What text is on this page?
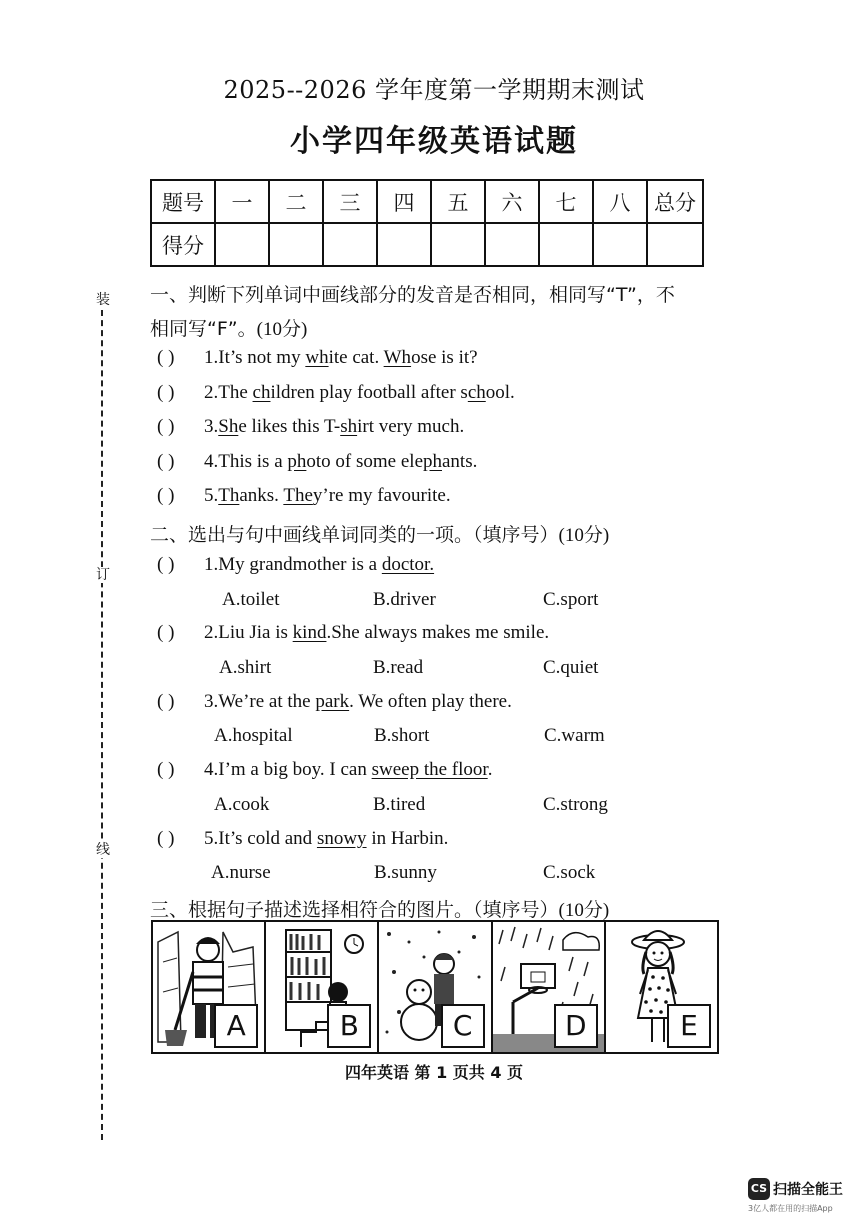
2025--2026 学年度第一学期期末测试
小学四年级英语试题
题号	一	二	三	四	五	六	七	八	总分
得分									
装
订
线
一、判断下列单词中画线部分的发音是否相同，相同写“T”，不
相同写“F”。(10分)
( ) 1.It’s not my white cat. Whose is it?
( ) 2.The children play football after school.
( ) 3.She likes this T-shirt very much.
( ) 4.This is a photo of some elephants.
( ) 5.Thanks. They’re my favourite.
二、选出与句中画线单词同类的一项。（填序号）(10分)
( ) 1.My grandmother is a doctor.
A.toilet	B.driver	C.sport
( ) 2.Liu Jia is kind.She always makes me smile.
A.shirt	B.read	C.quiet
( ) 3.We’re at the park. We often play there.
A.hospital	B.short	C.warm
( ) 4.I’m a big boy. I can sweep the floor.
A.cook	B.tired	C.strong
( ) 5.It’s cold and snowy in Harbin.
A.nurse	B.sunny	C.sock
三、根据句子描述选择相符合的图片。（填序号）(10分)
A	B	C	D	E
四年英语 第 1 页共 4 页
CS 扫描全能王
3亿人都在用的扫描App
